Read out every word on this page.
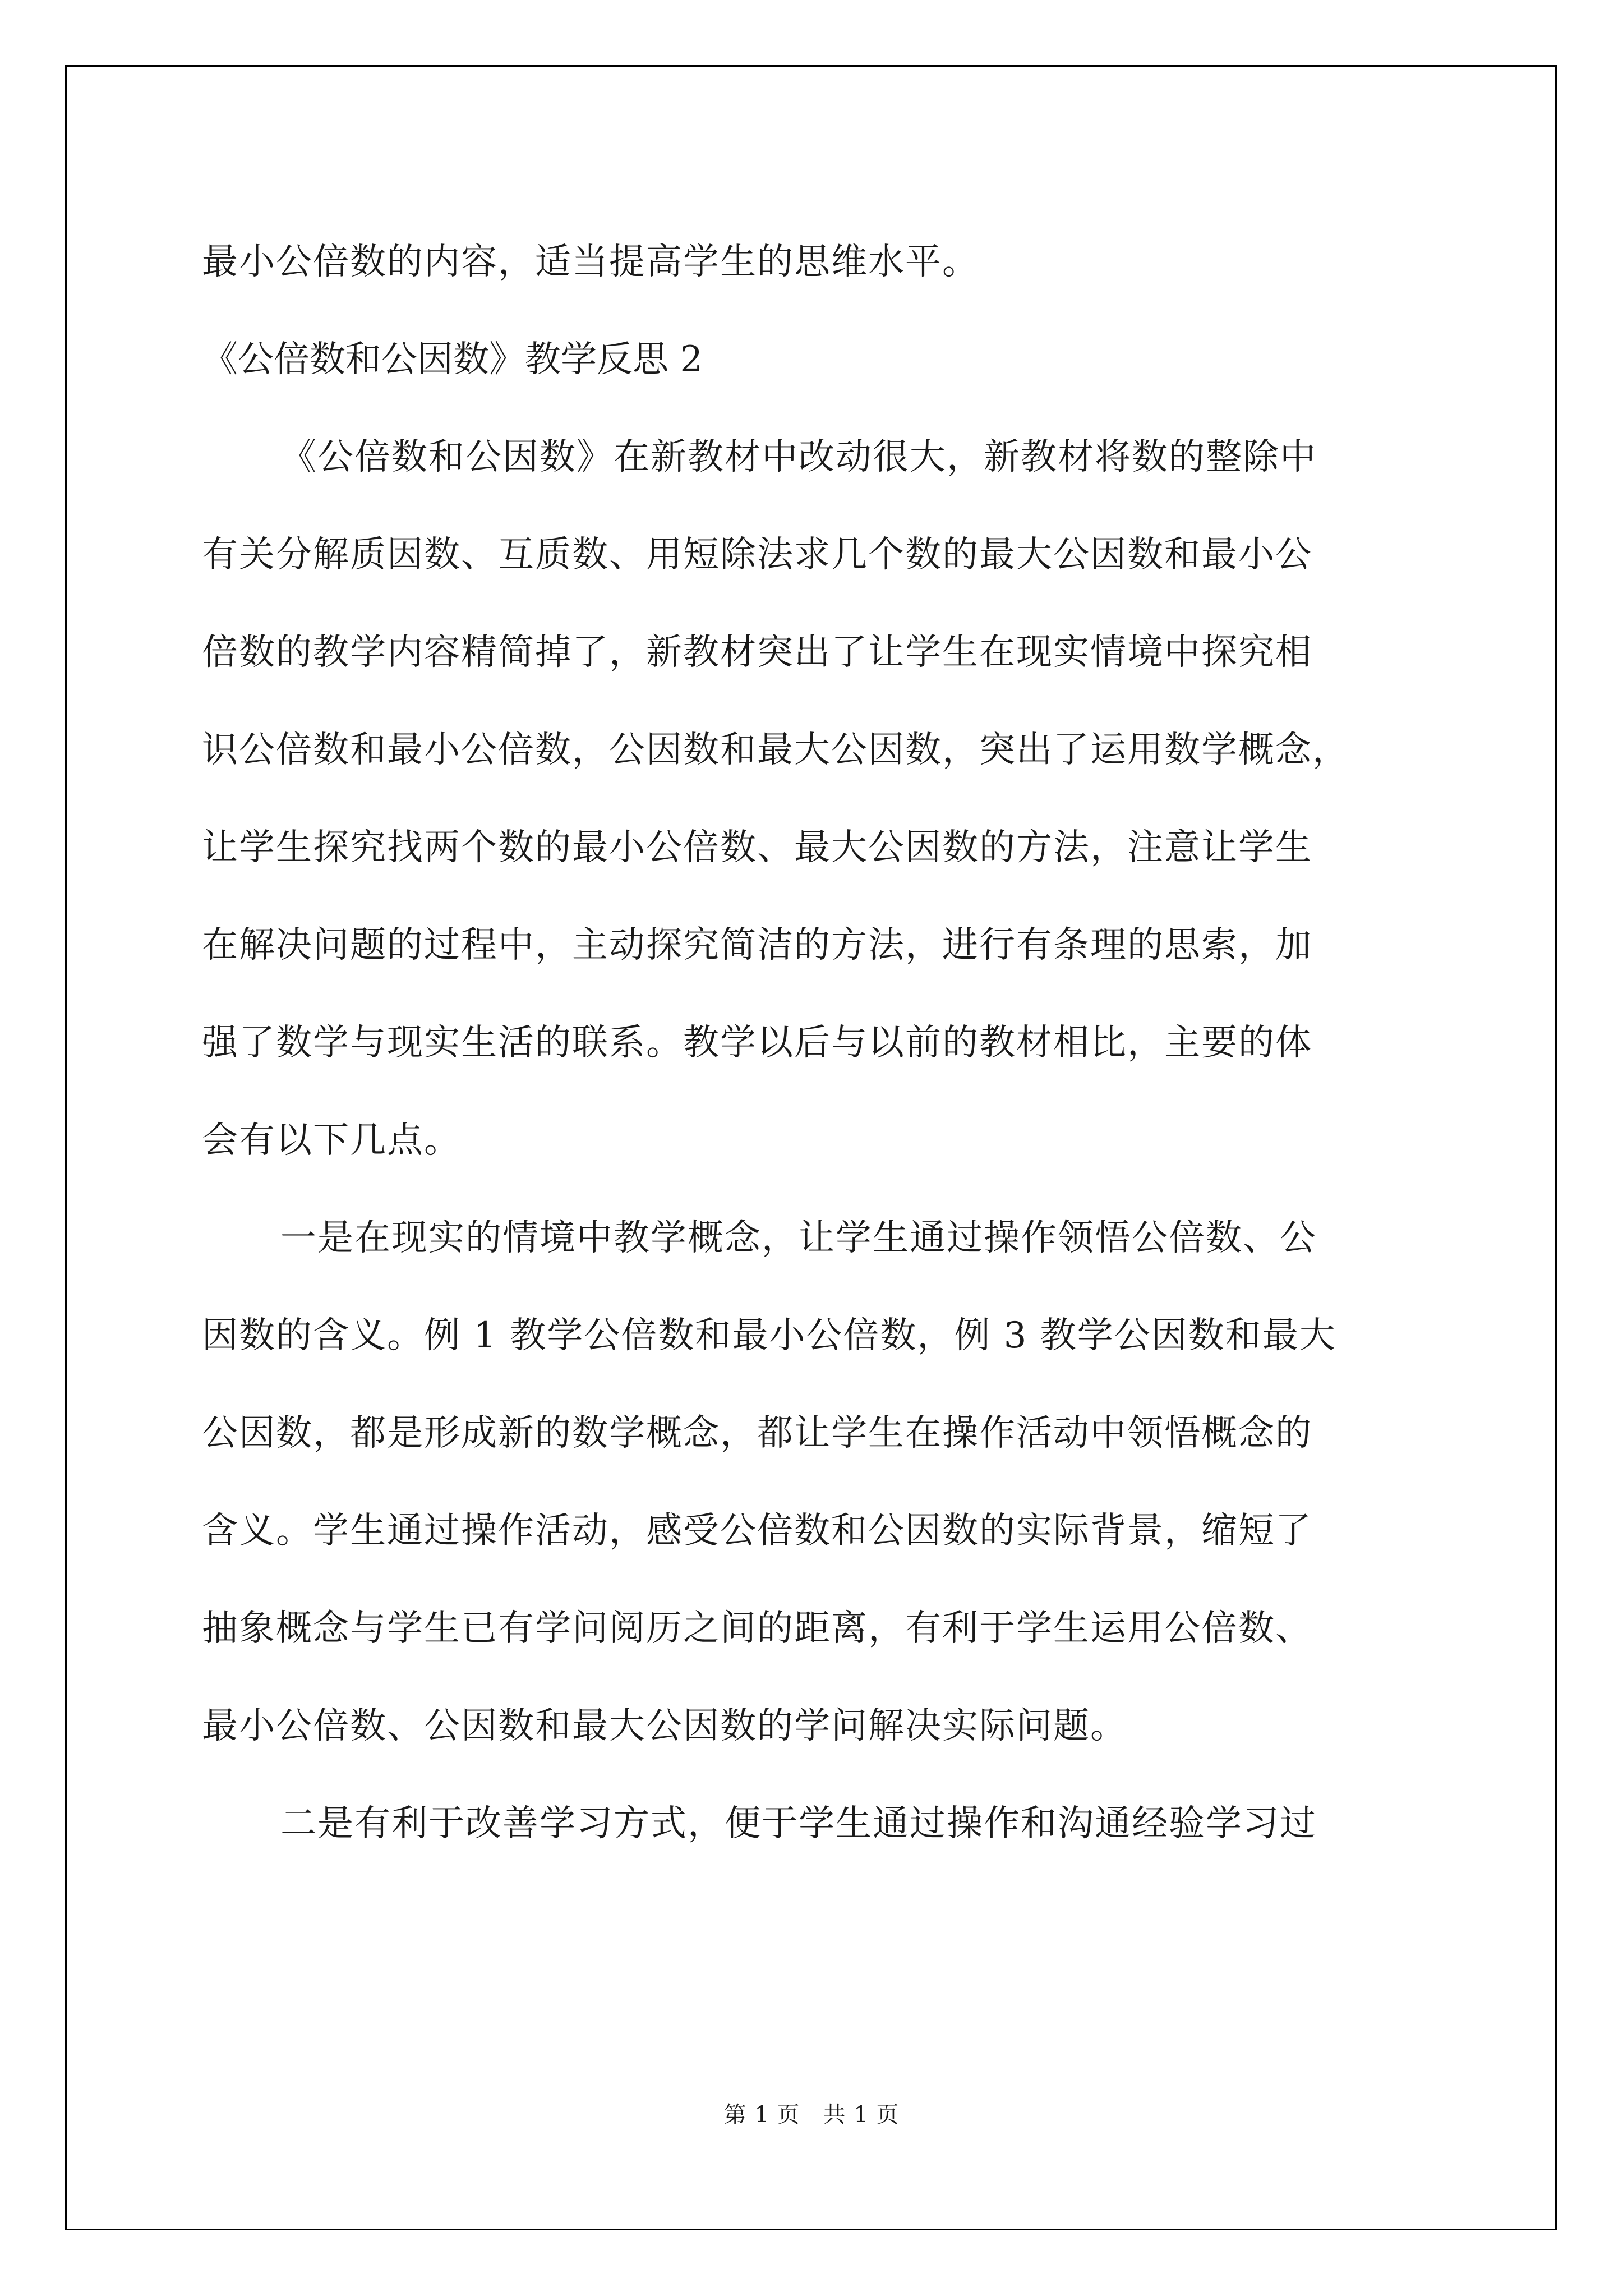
最小公倍数的内容，适当提高学生的思维水平。
《公倍数和公因数》教学反思 2
《公倍数和公因数》在新教材中改动很大，新教材将数的整除中
有关分解质因数、互质数、用短除法求几个数的最大公因数和最小公
倍数的教学内容精简掉了，新教材突出了让学生在现实情境中探究相
识公倍数和最小公倍数，公因数和最大公因数，突出了运用数学概念，
让学生探究找两个数的最小公倍数、最大公因数的方法，注意让学生
在解决问题的过程中，主动探究简洁的方法，进行有条理的思索，加
强了数学与现实生活的联系。教学以后与以前的教材相比，主要的体
会有以下几点。
一是在现实的情境中教学概念，让学生通过操作领悟公倍数、公
因数的含义。例 1 教学公倍数和最小公倍数，例 3 教学公因数和最大
公因数，都是形成新的数学概念，都让学生在操作活动中领悟概念的
含义。学生通过操作活动，感受公倍数和公因数的实际背景，缩短了
抽象概念与学生已有学问阅历之间的距离，有利于学生运用公倍数、
最小公倍数、公因数和最大公因数的学问解决实际问题。
二是有利于改善学习方式，便于学生通过操作和沟通经验学习过
第 1 页　共 1 页
